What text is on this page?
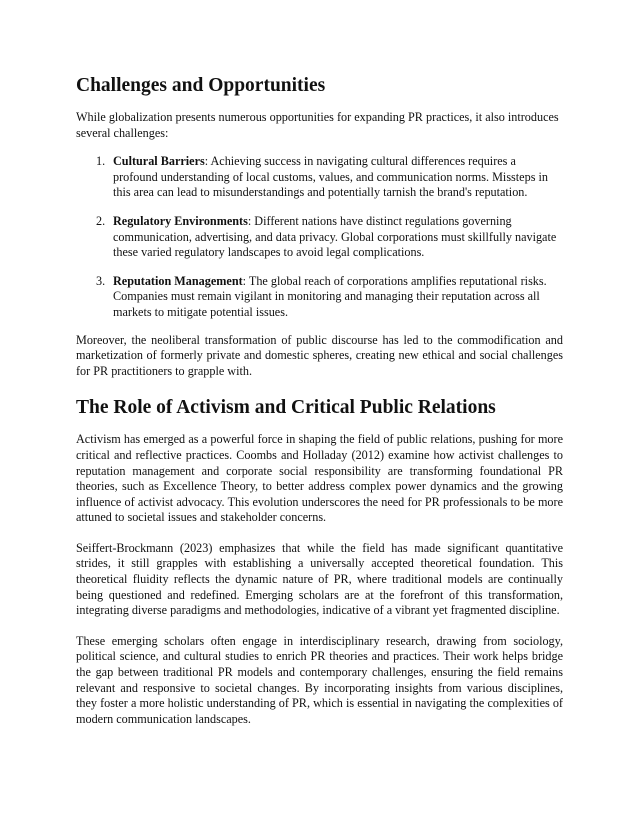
Challenges and Opportunities

While globalization presents numerous opportunities for expanding PR practices, it also introduces several challenges:

1. Cultural Barriers: Achieving success in navigating cultural differences requires a profound understanding of local customs, values, and communication norms. Missteps in this area can lead to misunderstandings and potentially tarnish the brand's reputation.
2. Regulatory Environments: Different nations have distinct regulations governing communication, advertising, and data privacy. Global corporations must skillfully navigate these varied regulatory landscapes to avoid legal complications.
3. Reputation Management: The global reach of corporations amplifies reputational risks. Companies must remain vigilant in monitoring and managing their reputation across all markets to mitigate potential issues.

Moreover, the neoliberal transformation of public discourse has led to the commodification and marketization of formerly private and domestic spheres, creating new ethical and social challenges for PR practitioners to grapple with.

The Role of Activism and Critical Public Relations

Activism has emerged as a powerful force in shaping the field of public relations, pushing for more critical and reflective practices. Coombs and Holladay (2012) examine how activist challenges to reputation management and corporate social responsibility are transforming foundational PR theories, such as Excellence Theory, to better address complex power dynamics and the growing influence of activist advocacy. This evolution underscores the need for PR professionals to be more attuned to societal issues and stakeholder concerns.

Seiffert-Brockmann (2023) emphasizes that while the field has made significant quantitative strides, it still grapples with establishing a universally accepted theoretical foundation. This theoretical fluidity reflects the dynamic nature of PR, where traditional models are continually being questioned and redefined. Emerging scholars are at the forefront of this transformation, integrating diverse paradigms and methodologies, indicative of a vibrant yet fragmented discipline.

These emerging scholars often engage in interdisciplinary research, drawing from sociology, political science, and cultural studies to enrich PR theories and practices. Their work helps bridge the gap between traditional PR models and contemporary challenges, ensuring the field remains relevant and responsive to societal changes. By incorporating insights from various disciplines, they foster a more holistic understanding of PR, which is essential in navigating the complexities of modern communication landscapes.
